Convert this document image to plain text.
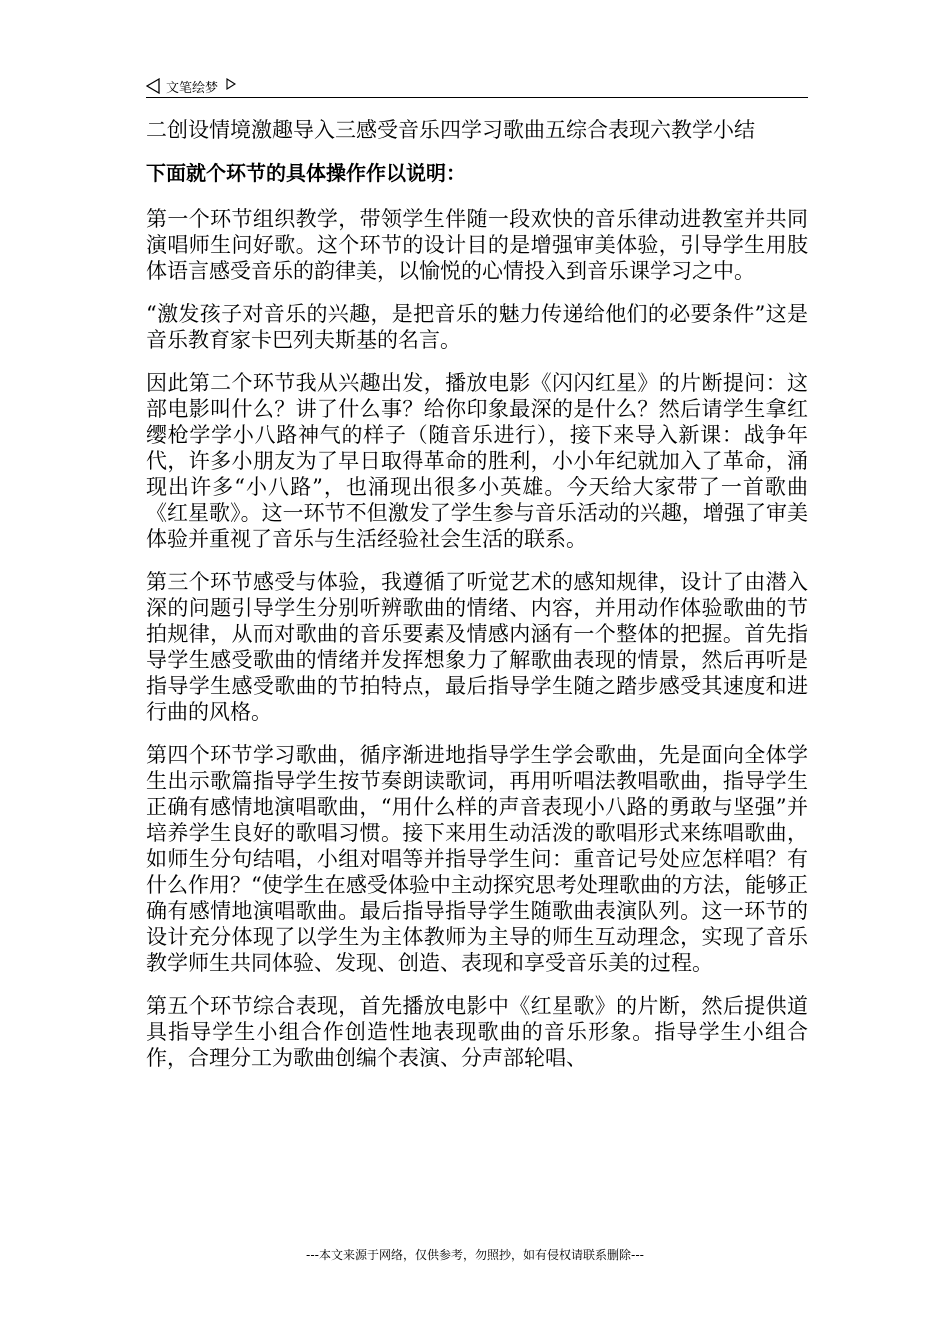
文笔绘梦

二创设情境激趣导入三感受音乐四学习歌曲五综合表现六教学小结

下面就个环节的具体操作作以说明：

第一个环节组织教学，带领学生伴随一段欢快的音乐律动进教室并共同演唱师生问好歌。这个环节的设计目的是增强审美体验，引导学生用肢体语言感受音乐的韵律美，以愉悦的心情投入到音乐课学习之中。

“激发孩子对音乐的兴趣，是把音乐的魅力传递给他们的必要条件”这是音乐教育家卡巴列夫斯基的名言。

因此第二个环节我从兴趣出发，播放电影《闪闪红星》的片断提问：这部电影叫什么？讲了什么事？给你印象最深的是什么？然后请学生拿红缨枪学学小八路神气的样子（随音乐进行），接下来导入新课：战争年代，许多小朋友为了早日取得革命的胜利，小小年纪就加入了革命，涌现出许多“小八路”，也涌现出很多小英雄。今天给大家带了一首歌曲《红星歌》。这一环节不但激发了学生参与音乐活动的兴趣，增强了审美体验并重视了音乐与生活经验社会生活的联系。

第三个环节感受与体验，我遵循了听觉艺术的感知规律，设计了由潜入深的问题引导学生分别听辨歌曲的情绪、内容，并用动作体验歌曲的节拍规律，从而对歌曲的音乐要素及情感内涵有一个整体的把握。首先指导学生感受歌曲的情绪并发挥想象力了解歌曲表现的情景，然后再听是指导学生感受歌曲的节拍特点，最后指导学生随之踏步感受其速度和进行曲的风格。

第四个环节学习歌曲，循序渐进地指导学生学会歌曲，先是面向全体学生出示歌篇指导学生按节奏朗读歌词，再用听唱法教唱歌曲，指导学生正确有感情地演唱歌曲，“用什么样的声音表现小八路的勇敢与坚强”并培养学生良好的歌唱习惯。接下来用生动活泼的歌唱形式来练唱歌曲，如师生分句结唱，小组对唱等并指导学生问：重音记号处应怎样唱？有什么作用？“使学生在感受体验中主动探究思考处理歌曲的方法，能够正确有感情地演唱歌曲。最后指导指导学生随歌曲表演队列。这一环节的设计充分体现了以学生为主体教师为主导的师生互动理念，实现了音乐教学师生共同体验、发现、创造、表现和享受音乐美的过程。

第五个环节综合表现，首先播放电影中《红星歌》的片断，然后提供道具指导学生小组合作创造性地表现歌曲的音乐形象。指导学生小组合作，合理分工为歌曲创编个表演、分声部轮唱、

---本文来源于网络，仅供参考，勿照抄，如有侵权请联系删除---
